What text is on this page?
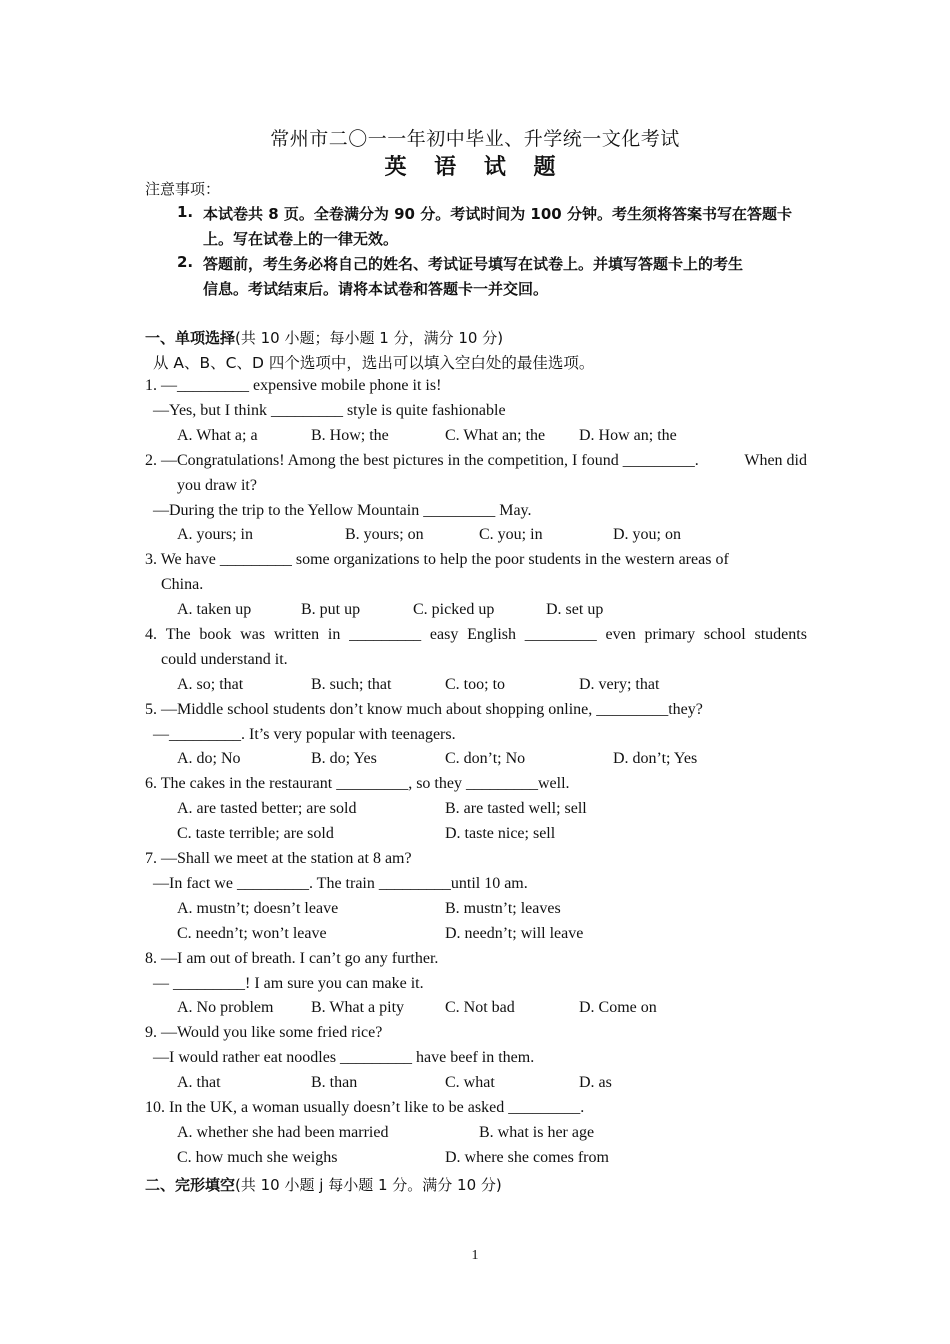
常州市二〇一一年初中毕业、升学统一文化考试
英 语 试 题
注意事项：
1. 本试卷共 8 页。全卷满分为 90 分。考试时间为 100 分钟。考生须将答案书写在答题卡
上。写在试卷上的一律无效。
2. 答题前，考生务必将自己的姓名、考试证号填写在试卷上。并填写答题卡上的考生
信息。考试结束后。请将本试卷和答题卡一并交回。
一、单项选择(共 10 小题；每小题 1 分，满分 10 分)
从 A、B、C、D 四个选项中，选出可以填入空白处的最佳选项。
1. —_________ expensive mobile phone it is!
—Yes, but I think _________ style is quite fashionable
A. What a; a	B. How; the	C. What an; the D. How an; the
2. —Congratulations! Among the best pictures in the competition, I found _________.	When did
you draw it?
—During the trip to the Yellow Mountain _________ May.
A. yours; in	B. yours; on	C. you; in	D. you; on
3. We have _________ some organizations to help the poor students in the western areas of
China.
A. taken up	B. put up	C. picked up	D. set up
4. The book was written in _________ easy English _________ even primary school students
could understand it.
A. so; that	B. such; that	C. too; to	D. very; that
5. —Middle school students don’t know much about shopping online, _________they?
—_________. It’s very popular with teenagers.
A. do; No	B. do; Yes	C. don’t; No	D. don’t; Yes
6. The cakes in the restaurant _________, so they _________well.
A. are tasted better; are sold	B. are tasted well; sell
C. taste terrible; are sold	D. taste nice; sell
7. —Shall we meet at the station at 8 am?
—In fact we _________. The train _________until 10 am.
A. mustn’t; doesn’t leave	B. mustn’t; leaves
C. needn’t; won’t leave	D. needn’t; will leave
8. —I am out of breath. I can’t go any further.
— _________! I am sure you can make it.
A. No problem B. What a pity	C. Not bad	D. Come on
9. —Would you like some fried rice?
—I would rather eat noodles _________ have beef in them.
A. that	B. than	C. what	D. as
10. In the UK, a woman usually doesn’t like to be asked _________.
A. whether she had been married	B. what is her age
C. how much she weighs	D. where she comes from
二、完形填空(共 10 小题 j 每小题 1 分。满分 10 分)
1
